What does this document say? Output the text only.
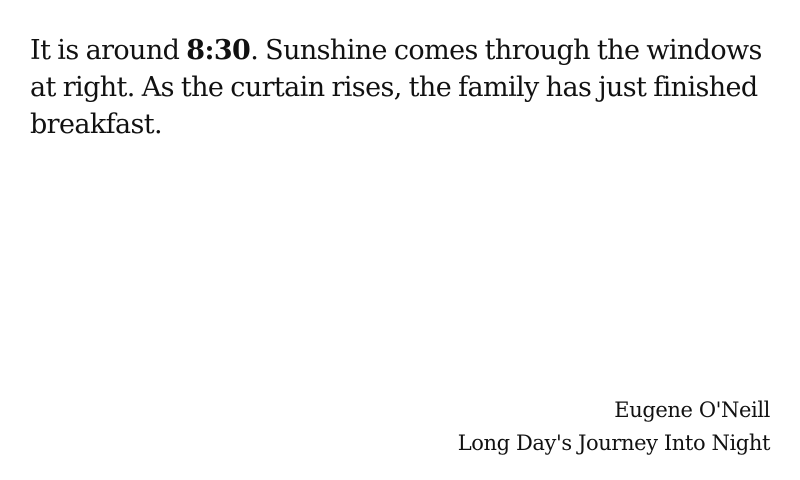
It is around 8:30. Sunshine comes through the windows at right. As the curtain rises, the family has just finished breakfast.

Eugene O'Neill
Long Day's Journey Into Night
